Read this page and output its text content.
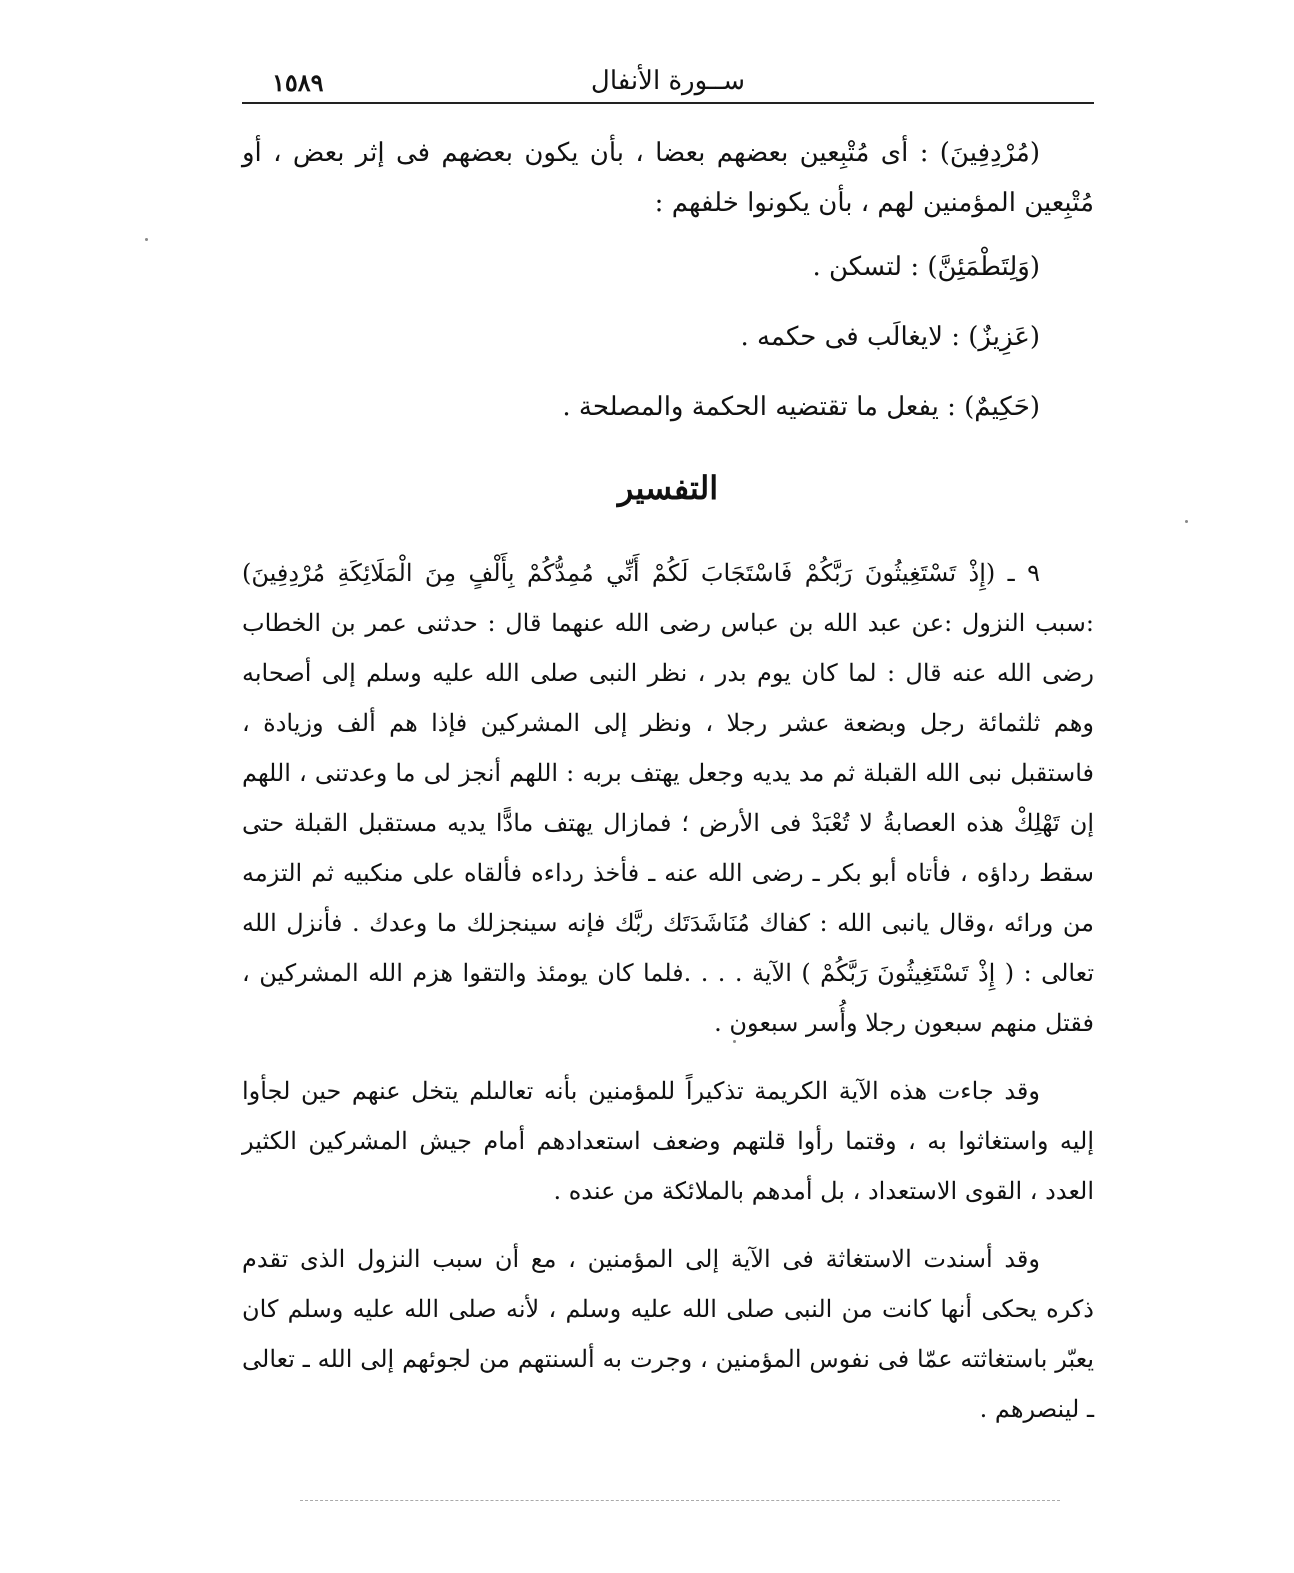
١٥٨٩	ســورة الأنفال

(مُرْدِفِينَ) : أى مُتْبِعين بعضهم بعضا ، بأن يكون بعضهم فى إثر بعض ، أو مُتْبِعين المؤمنين لهم ، بأن يكونوا خلفهم :

(وَلِتَطْمَئِنَّ) : لتسكن .

(عَزِيزٌ) : لايغالَب فى حكمه .

(حَكِيمٌ) : يفعل ما تقتضيه الحكمة والمصلحة .

التفسير

٩ ـ (إِذْ تَسْتَغِيثُونَ رَبَّكُمْ فَاسْتَجَابَ لَكُمْ أَنِّي مُمِدُّكُمْ بِأَلْفٍ مِنَ الْمَلَائِكَةِ مُرْدِفِينَ) :سبب النزول :عن عبد الله بن عباس رضى الله عنهما قال : حدثنى عمر بن الخطاب رضى الله عنه قال : لما كان يوم بدر ، نظر النبى صلى الله عليه وسلم إلى أصحابه وهم ثلثمائة رجل وبضعة عشر رجلا ، ونظر إلى المشركين فإذا هم ألف وزيادة ، فاستقبل نبى الله القبلة ثم مد يديه وجعل يهتف بربه : اللهم أنجز لى ما وعدتنى ، اللهم إن تَهْلِكْ هذه العصابةُ لا تُعْبَدْ فى الأرض ؛ فمازال يهتف مادًّا يديه مستقبل القبلة حتى سقط رداؤه ، فأتاه أبو بكر ـ رضى الله عنه ـ فأخذ رداءه فألقاه على منكبيه ثم التزمه من ورائه ،وقال يانبى الله : كفاك مُنَاشَدَتَك ربَّك فإنه سينجزلك ما وعدك . فأنزل الله تعالى : ( إِذْ تَسْتَغِيثُونَ رَبَّكُمْ ) الآية . . . .فلما كان يومئذ والتقوا هزم الله المشركين ، فقتل منهم سبعون رجلا وأُسر سبعون .

وقد جاءت هذه الآية الكريمة تذكيراً للمؤمنين بأنه تعالىلم يتخل عنهم حين لجأوا إليه واستغاثوا به ، وقتما رأوا قلتهم وضعف استعدادهم أمام جيش المشركين الكثير العدد ، القوى الاستعداد ، بل أمدهم بالملائكة من عنده .

وقد أسندت الاستغاثة فى الآية إلى المؤمنين ، مع أن سبب النزول الذى تقدم ذكره يحكى أنها كانت من النبى صلى الله عليه وسلم ، لأنه صلى الله عليه وسلم كان يعبّر باستغاثته عمّا فى نفوس المؤمنين ، وجرت به ألسنتهم من لجوئهم إلى الله ـ تعالى ـ لينصرهم .
